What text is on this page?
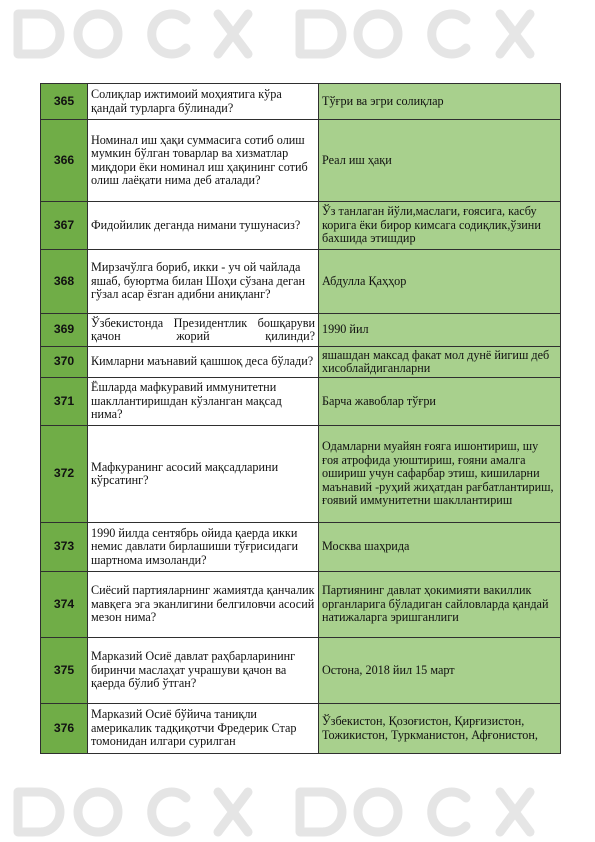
365	Солиқлар ижтимоий моҳиятига кўра қандай турларга бўлинади?	Тўғри ва эгри солиқлар
366	Номинал иш ҳақи суммасига сотиб олиш мумкин бўлган товарлар ва хизматлар миқдори ёки номинал иш ҳақининг сотиб олиш лаёқати нима деб аталади?	Реал иш ҳақи
367	Фидойилик деганда нимани тушунасиз?	Ўз танлаган йўли,маслаги, ғоясига, касбу корига ёки бирор кимсага содиқлик,ўзини бахшида этишдир
368	Мирзачўлга бориб, икки - уч ой чайлада яшаб, буюртма билан Шоҳи сўзана деган гўзал асар ёзган адибни аниқланг?	Абдулла Қаҳҳор
369	Ўзбекистонда Президентлик бошқаруви қачон жорий қилинди?	1990 йил
370	Кимларни маънавий қашшоқ деса бўлади?	яшашдан максад факат мол дунё йигиш деб хисоблайдиганларни
371	Ёшларда мафкуравий иммунитетни шакллантиришдан кўзланган мақсад нима?	Барча жавоблар тўғри
372	Мафкуранинг асосий мақсадларини кўрсатинг?	Одамларни муайян ғояга ишонтириш, шу ғоя атрофида уюштириш, ғояни амалга ошириш учун сафарбар этиш, кишиларни маънавий -руҳий жиҳатдан рағбатлантириш, ғоявий иммунитетни шакллантириш
373	1990 йилда сентябрь ойида қаерда икки немис давлати бирлашиши тўғрисидаги шартнома имзоланди?	Москва шаҳрида
374	Сиёсий партияларнинг жамиятда қанчалик мавқега эга эканлигини белгиловчи асосий мезон нима?	Партиянинг давлат ҳокимияти вакиллик органларига бўладиган сайловларда қандай натижаларга эришганлиги
375	Марказий Осиё давлат раҳбарларининг биринчи маслаҳат учрашуви қачон ва қаерда бўлиб ўтган?	Остона, 2018 йил 15 март
376	Марказий Осиё бўйича таниқли америкалик тадқиқотчи Фредерик Стар томонидан илгари сурилган	Ўзбекистон, Қозоғистон, Қирғизистон, Тожикистон, Туркманистон, Афғонистон,
